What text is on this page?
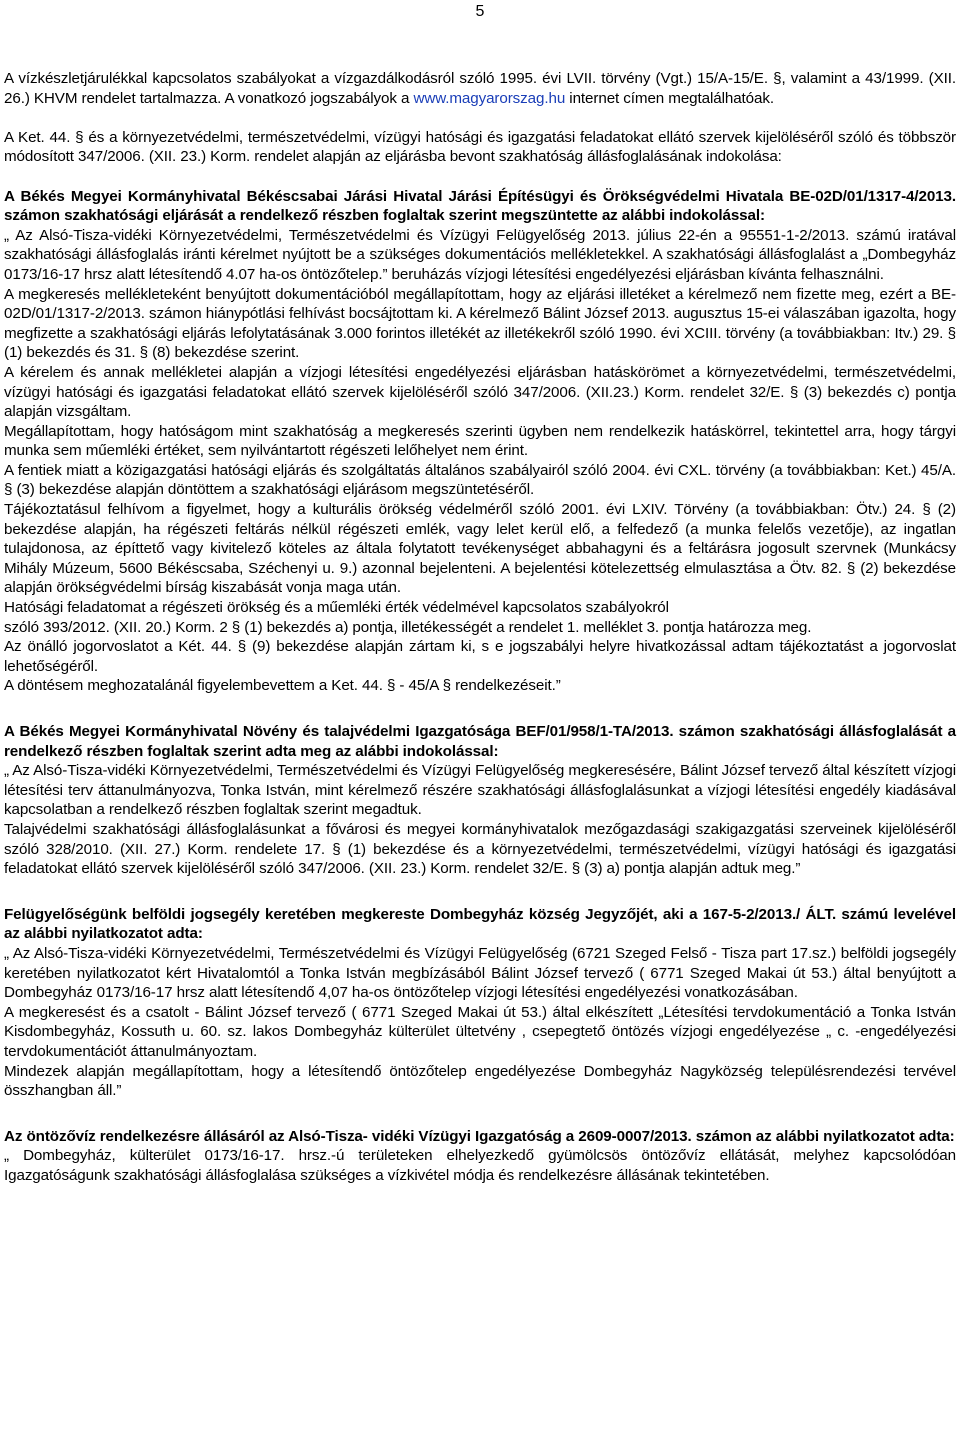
5

A vízkészletjárulékkal kapcsolatos szabályokat a vízgazdálkodásról szóló 1995. évi LVII. törvény (Vgt.) 15/A-15/E. §, valamint a 43/1999. (XII. 26.) KHVM rendelet tartalmazza. A vonatkozó jogszabályok a www.magyarorszag.hu internet címen megtalálhatóak.

A Ket. 44. § és a környezetvédelmi, természetvédelmi, vízügyi hatósági és igazgatási feladatokat ellátó szervek kijelöléséről szóló és többször módosított 347/2006. (XII. 23.) Korm. rendelet alapján az eljárásba bevont szakhatóság állásfoglalásának indokolása:

A Békés Megyei Kormányhivatal Békéscsabai Járási Hivatal Járási Építésügyi és Örökségvédelmi Hivatala BE-02D/01/1317-4/2013. számon szakhatósági eljárását a rendelkező részben foglaltak szerint megszüntette az alábbi indokolással:

„ Az Alsó-Tisza-vidéki Környezetvédelmi, Természetvédelmi és Vízügyi Felügyelőség 2013. július 22-én a 95551-1-2/2013. számú iratával szakhatósági állásfoglalás iránti kérelmet nyújtott be a szükséges dokumentációs mellékletekkel. A szakhatósági állásfoglalást a „Dombegyház 0173/16-17 hrsz alatt létesítendő 4.07 ha-os öntözőtelep.” beruházás vízjogi létesítési engedélyezési eljárásban kívánta felhasználni.

A megkeresés mellékleteként benyújtott dokumentációból megállapítottam, hogy az eljárási illetéket a kérelmező nem fizette meg, ezért a BE-02D/01/1317-2/2013. számon hiánypótlási felhívást bocsájtottam ki. A kérelmező Bálint József 2013. augusztus 15-ei válaszában igazolta, hogy megfizette a szakhatósági eljárás lefolytatásának 3.000 forintos illetékét az illetékekről szóló 1990. évi XCIII. törvény (a továbbiakban: Itv.) 29. § (1) bekezdés és 31. § (8) bekezdése szerint.

A kérelem és annak mellékletei alapján a vízjogi létesítési engedélyezési eljárásban hatáskörömet a környezetvédelmi, természetvédelmi, vízügyi hatósági és igazgatási feladatokat ellátó szervek kijelöléséről szóló 347/2006. (XII.23.) Korm. rendelet 32/E. § (3) bekezdés c) pontja alapján vizsgáltam.

Megállapítottam, hogy hatóságom mint szakhatóság a megkeresés szerinti ügyben nem rendelkezik hatáskörrel, tekintettel arra, hogy tárgyi munka sem műemléki értéket, sem nyilvántartott régészeti lelőhelyet nem érint.

A fentiek miatt a közigazgatási hatósági eljárás és szolgáltatás általános szabályairól szóló 2004. évi CXL. törvény (a továbbiakban: Ket.) 45/A. § (3) bekezdése alapján döntöttem a szakhatósági eljárásom megszüntetéséről.

Tájékoztatásul felhívom a figyelmet, hogy a kulturális örökség védelméről szóló 2001. évi LXIV. Törvény (a továbbiakban: Ötv.) 24. § (2) bekezdése alapján, ha régészeti feltárás nélkül régészeti emlék, vagy lelet kerül elő, a felfedező (a munka felelős vezetője), az ingatlan tulajdonosa, az építtető vagy kivitelező köteles az általa folytatott tevékenységet abbahagyni és a feltárásra jogosult szervnek (Munkácsy Mihály Múzeum, 5600 Békéscsaba, Széchenyi u. 9.) azonnal bejelenteni. A bejelentési kötelezettség elmulasztása a Ötv. 82. § (2) bekezdése alapján örökségvédelmi bírság kiszabását vonja maga után.

Hatósági feladatomat a régészeti örökség és a műemléki érték védelmével kapcsolatos szabályokról

szóló 393/2012. (XII. 20.) Korm. 2 § (1) bekezdés a) pontja, illetékességét a rendelet 1. melléklet 3. pontja határozza meg.

Az önálló jogorvoslatot a Két. 44. § (9) bekezdése alapján zártam ki, s e jogszabályi helyre hivatkozással adtam tájékoztatást a jogorvoslat lehetőségéről.

A döntésem meghozatalánál figyelembevettem a Ket. 44. § - 45/A § rendelkezéseit.”

A Békés Megyei Kormányhivatal Növény és talajvédelmi Igazgatósága BEF/01/958/1-TA/2013. számon szakhatósági állásfoglalását a rendelkező részben foglaltak szerint adta meg az alábbi indokolással:

„ Az Alsó-Tisza-vidéki Környezetvédelmi, Természetvédelmi és Vízügyi Felügyelőség megkeresésére, Bálint József tervező által készített vízjogi létesítési terv áttanulmányozva, Tonka István, mint kérelmező részére szakhatósági állásfoglalásunkat a vízjogi létesítési engedély kiadásával kapcsolatban a rendelkező részben foglaltak szerint megadtuk.

Talajvédelmi szakhatósági állásfoglalásunkat a fővárosi és megyei kormányhivatalok mezőgazdasági szakigazgatási szerveinek kijelöléséről szóló 328/2010. (XII. 27.) Korm. rendelete 17. § (1) bekezdése és a környezetvédelmi, természetvédelmi, vízügyi hatósági és igazgatási feladatokat ellátó szervek kijelöléséről szóló 347/2006. (XII. 23.) Korm. rendelet 32/E. § (3) a) pontja alapján adtuk meg.”

Felügyelőségünk belföldi jogsegély keretében megkereste Dombegyház község Jegyzőjét, aki a 167-5-2/2013./ ÁLT. számú levelével az alábbi nyilatkozatot adta:

„ Az Alsó-Tisza-vidéki Környezetvédelmi, Természetvédelmi és Vízügyi Felügyelőség (6721 Szeged Felső - Tisza part 17.sz.) belföldi jogsegély keretében nyilatkozatot kért Hivatalomtól a Tonka István megbízásából Bálint József tervező ( 6771 Szeged Makai út 53.) által benyújtott a Dombegyház 0173/16-17 hrsz alatt létesítendő 4,07 ha-os öntözőtelep vízjogi létesítési engedélyezési vonatkozásában.

A megkeresést és a csatolt - Bálint József tervező ( 6771 Szeged Makai út 53.) által elkészített „Létesítési tervdokumentáció a Tonka István Kisdombegyház, Kossuth u. 60. sz. lakos Dombegyház külterület ültetvény , csepegtető öntözés vízjogi engedélyezése „ c. -engedélyezési tervdokumentációt áttanulmányoztam.

Mindezek alapján megállapítottam, hogy a létesítendő öntözőtelep engedélyezése Dombegyház Nagyközség településrendezési tervével összhangban áll.”

Az öntözővíz rendelkezésre állásáról az Alsó-Tisza- vidéki Vízügyi Igazgatóság a 2609-0007/2013. számon az alábbi nyilatkozatot adta:

„ Dombegyház, külterület 0173/16-17. hrsz.-ú területeken elhelyezkedő gyümölcsös öntözővíz ellátását, melyhez kapcsolódóan Igazgatóságunk szakhatósági állásfoglalása szükséges a vízkivétel módja és rendelkezésre állásának tekintetében.
